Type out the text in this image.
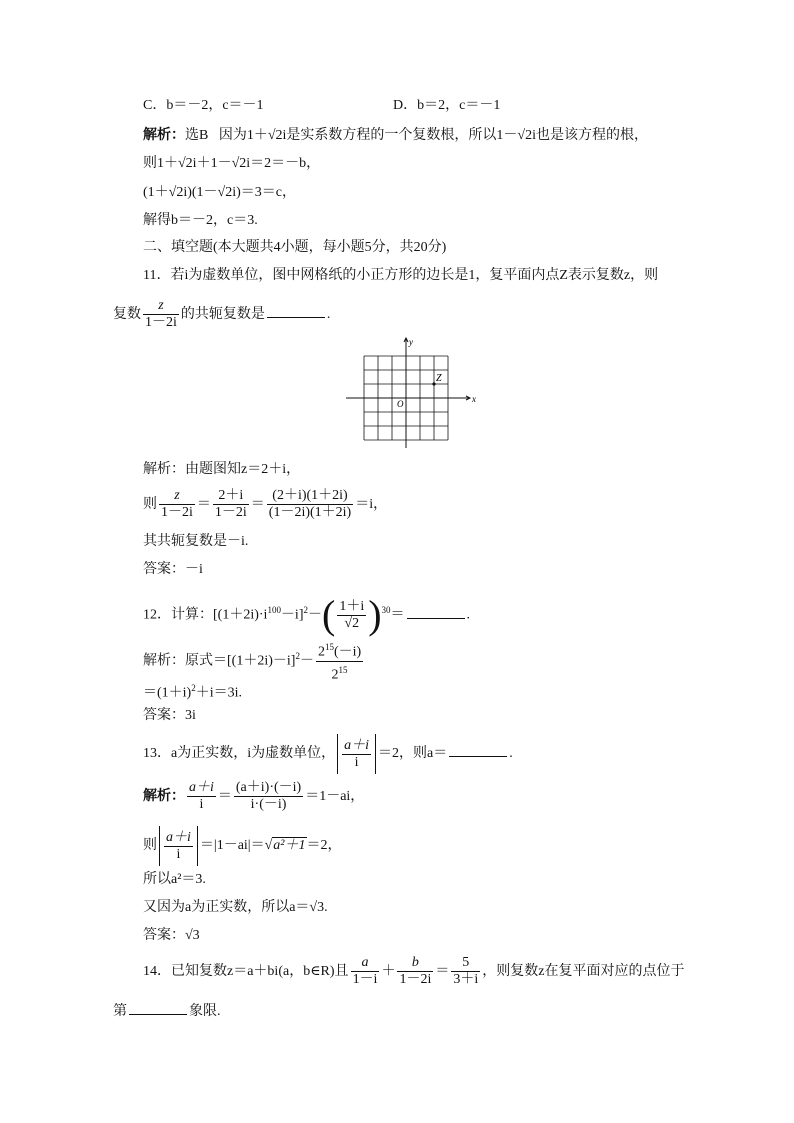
C．b＝－2，c＝－1	D．b＝2，c＝－1
解析：选B 因为1＋√2i是实系数方程的一个复数根，所以1－√2i也是该方程的根，
则1＋√2i＋1－√2i＝2＝－b，
(1＋√2i)(1－√2i)＝3＝c，
解得b＝－2，c＝3.
二、填空题(本大题共4小题，每小题5分，共20分)
11．若i为虚数单位，图中网格纸的小正方形的边长是1，复平面内点Z表示复数z，则
复数 $\frac{z}{1-2i}$ 的共轭复数是	.
Z
O	x
y
解析：由题图知z＝2＋i，
则 $\frac{z}{1-2i} = \frac{2+i}{1-2i} = \frac{(2+i)(1+2i)}{(1-2i)(1+2i)} =i$，
其共轭复数是－i.
答案：－i
12．计算：$[(1+2i)\cdot i^{100}-i]^2-( \frac{1+i}{√2} )^{30}=$	.
解析：原式$=[(1+2i)-i]^2- \frac{2^{15}(-i)}{2^{15}}$
$=(1+i)^2+i=3i$.
答案：3i
13．a为正实数，i为虚数单位， $\frac{a+i}{i} =2$，则a＝	.
解析： $\frac{a+i}{i} = \frac{(a+i)\cdot(-i)}{i\cdot(-i)} =1-ai$，
则 $\frac{a+i}{i} =|1-ai|=√a^2+1=2$，
所以a²＝3.
又因为a为正实数，所以a＝√3.
答案：√3
14．已知复数z＝a＋bi(a，b∈R)且 $\frac{a}{1-i} + \frac{b}{1-2i} = \frac{5}{3+i}$ ，则复数z在复平面对应的点位于
第	象限.
